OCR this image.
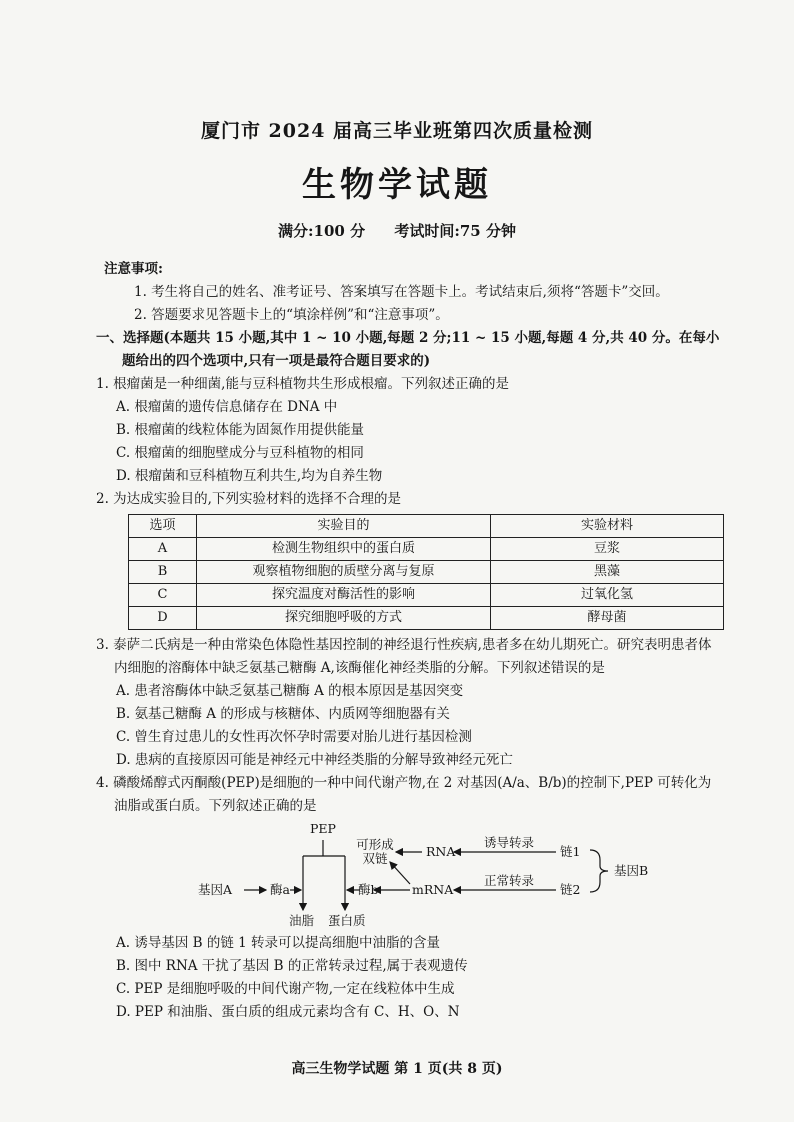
厦门市 2024 届高三毕业班第四次质量检测
生物学试题
满分:100 分 考试时间:75 分钟
注意事项:
1. 考生将自己的姓名、准考证号、答案填写在答题卡上。考试结束后,须将“答题卡”交回。
2. 答题要求见答题卡上的“填涂样例”和“注意事项”。
一、选择题(本题共 15 小题,其中 1 ~ 10 小题,每题 2 分;11 ~ 15 小题,每题 4 分,共 40 分。在每小题给出的四个选项中,只有一项是最符合题目要求的)
1. 根瘤菌是一种细菌,能与豆科植物共生形成根瘤。下列叙述正确的是
A. 根瘤菌的遗传信息储存在 DNA 中
B. 根瘤菌的线粒体能为固氮作用提供能量
C. 根瘤菌的细胞壁成分与豆科植物的相同
D. 根瘤菌和豆科植物互利共生,均为自养生物
2. 为达成实验目的,下列实验材料的选择不合理的是
选项	实验目的	实验材料
A	检测生物组织中的蛋白质	豆浆
B	观察植物细胞的质壁分离与复原	黑藻
C	探究温度对酶活性的影响	过氧化氢
D	探究细胞呼吸的方式	酵母菌
3. 泰萨二氏病是一种由常染色体隐性基因控制的神经退行性疾病,患者多在幼儿期死亡。研究表明患者体内细胞的溶酶体中缺乏氨基己糖酶 A,该酶催化神经类脂的分解。下列叙述错误的是
A. 患者溶酶体中缺乏氨基己糖酶 A 的根本原因是基因突变
B. 氨基己糖酶 A 的形成与核糖体、内质网等细胞器有关
C. 曾生育过患儿的女性再次怀孕时需要对胎儿进行基因检测
D. 患病的直接原因可能是神经元中神经类脂的分解导致神经元死亡
4. 磷酸烯醇式丙酮酸(PEP)是细胞的一种中间代谢产物,在 2 对基因(A/a、B/b)的控制下,PEP 可转化为油脂或蛋白质。下列叙述正确的是
PEP
可形成
双链	RNA
诱导转录
链1
正常转录
链2
基因B
基因A	酶a	酶b	mRNA
油脂 蛋白质
A. 诱导基因 B 的链 1 转录可以提高细胞中油脂的含量
B. 图中 RNA 干扰了基因 B 的正常转录过程,属于表观遗传
C. PEP 是细胞呼吸的中间代谢产物,一定在线粒体中生成
D. PEP 和油脂、蛋白质的组成元素均含有 C、H、O、N
高三生物学试题 第 1 页(共 8 页)
